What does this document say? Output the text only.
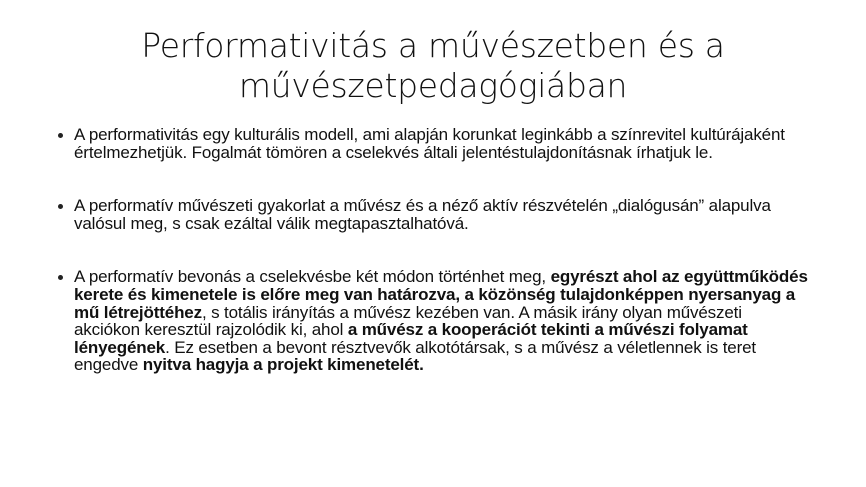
Performativitás a művészetben és a
művészetpedagógiában
A performativitás egy kulturális modell, ami alapján korunkat leginkább a színrevitel kultúrájaként értelmezhetjük. Fogalmát tömören a cselekvés általi jelentéstulajdonításnak írhatjuk le.
A performatív művészeti gyakorlat a művész és a néző aktív részvételén „dialógusán” alapulva valósul meg, s csak ezáltal válik megtapasztalhatóvá.
A performatív bevonás a cselekvésbe két módon történhet meg, egyrészt ahol az együttműködés kerete és kimenetele is előre meg van határozva, a közönség tulajdonképpen nyersanyag a mű létrejöttéhez, s totális irányítás a művész kezében van. A másik irány olyan művészeti akciókon keresztül rajzolódik ki, ahol a művész a kooperációt tekinti a művészi folyamat lényegének. Ez esetben a bevont résztvevők alkotótársak, s a művész a véletlennek is teret engedve nyitva hagyja a projekt kimenetelét.
